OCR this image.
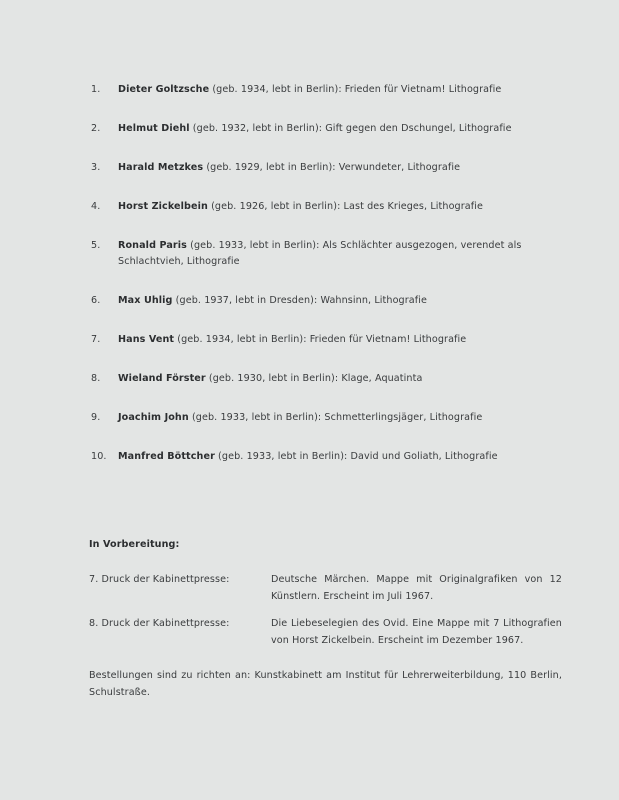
1.	Dieter Goltzsche (geb. 1934, lebt in Berlin): Frieden für Vietnam! Lithografie
2.	Helmut Diehl (geb. 1932, lebt in Berlin): Gift gegen den Dschungel, Lithografie
3.	Harald Metzkes (geb. 1929, lebt in Berlin): Verwundeter, Lithografie
4.	Horst Zickelbein (geb. 1926, lebt in Berlin): Last des Krieges, Lithografie
5.	Ronald Paris (geb. 1933, lebt in Berlin): Als Schlächter ausgezogen, verendet als Schlachtvieh, Lithografie
6.	Max Uhlig (geb. 1937, lebt in Dresden): Wahnsinn, Lithografie
7.	Hans Vent (geb. 1934, lebt in Berlin): Frieden für Vietnam! Lithografie
8.	Wieland Förster (geb. 1930, lebt in Berlin): Klage, Aquatinta
9.	Joachim John (geb. 1933, lebt in Berlin): Schmetterlingsjäger, Lithografie
10.	Manfred Böttcher (geb. 1933, lebt in Berlin): David und Goliath, Lithografie
In Vorbereitung:
7. Druck der Kabinettpresse:	Deutsche Märchen. Mappe mit Originalgrafiken von 12 Künstlern. Erscheint im Juli 1967.
8. Druck der Kabinettpresse:	Die Liebeselegien des Ovid. Eine Mappe mit 7 Lithografien von Horst Zickelbein. Erscheint im Dezember 1967.
Bestellungen sind zu richten an: Kunstkabinett am Institut für Lehrerweiterbildung, 110 Berlin, Schulstraße.
